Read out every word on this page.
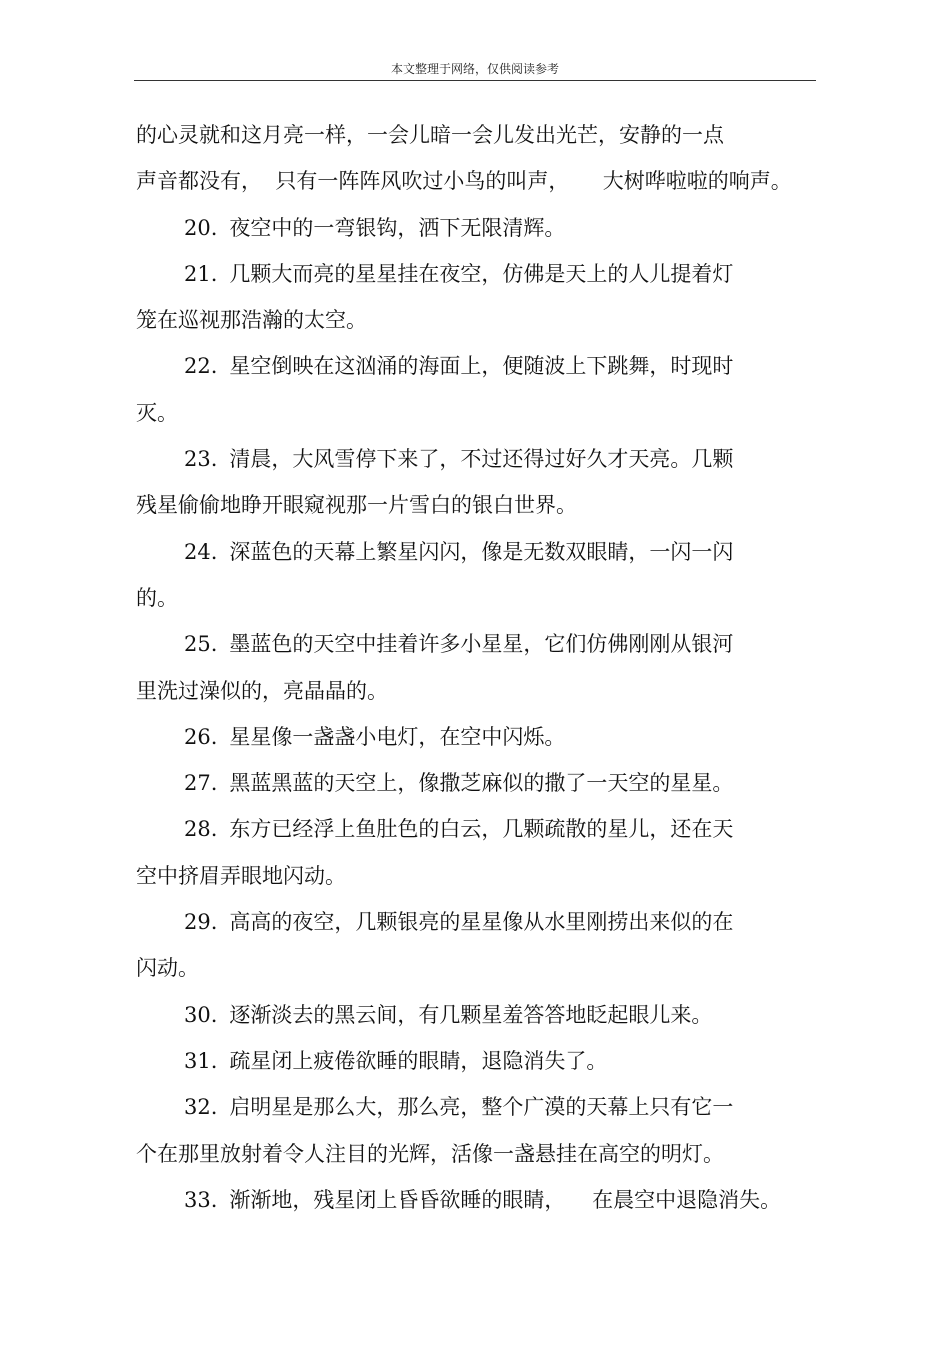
本文整理于网络，仅供阅读参考
的心灵就和这月亮一样，一会儿暗一会儿发出光芒，安静的一点
声音都没有，  只有一阵阵风吹过小鸟的叫声，     大树哗啦啦的响声。
20. 夜空中的一弯银钩，洒下无限清辉。
21. 几颗大而亮的星星挂在夜空，仿佛是天上的人儿提着灯
笼在巡视那浩瀚的太空。
22. 星空倒映在这汹涌的海面上，便随波上下跳舞，时现时
灭。
23. 清晨，大风雪停下来了，不过还得过好久才天亮。几颗
残星偷偷地睁开眼窥视那一片雪白的银白世界。
24. 深蓝色的天幕上繁星闪闪，像是无数双眼睛，一闪一闪
的。
25. 墨蓝色的天空中挂着许多小星星，它们仿佛刚刚从银河
里洗过澡似的，亮晶晶的。
26. 星星像一盏盏小电灯，在空中闪烁。
27. 黑蓝黑蓝的天空上，像撒芝麻似的撒了一天空的星星。
28. 东方已经浮上鱼肚色的白云，几颗疏散的星儿，还在天
空中挤眉弄眼地闪动。
29. 高高的夜空，几颗银亮的星星像从水里刚捞出来似的在
闪动。
30. 逐渐淡去的黑云间，有几颗星羞答答地眨起眼儿来。
31. 疏星闭上疲倦欲睡的眼睛，退隐消失了。
32. 启明星是那么大，那么亮，整个广漠的天幕上只有它一
个在那里放射着令人注目的光辉，活像一盏悬挂在高空的明灯。
33. 渐渐地，残星闭上昏昏欲睡的眼睛，    在晨空中退隐消失。
